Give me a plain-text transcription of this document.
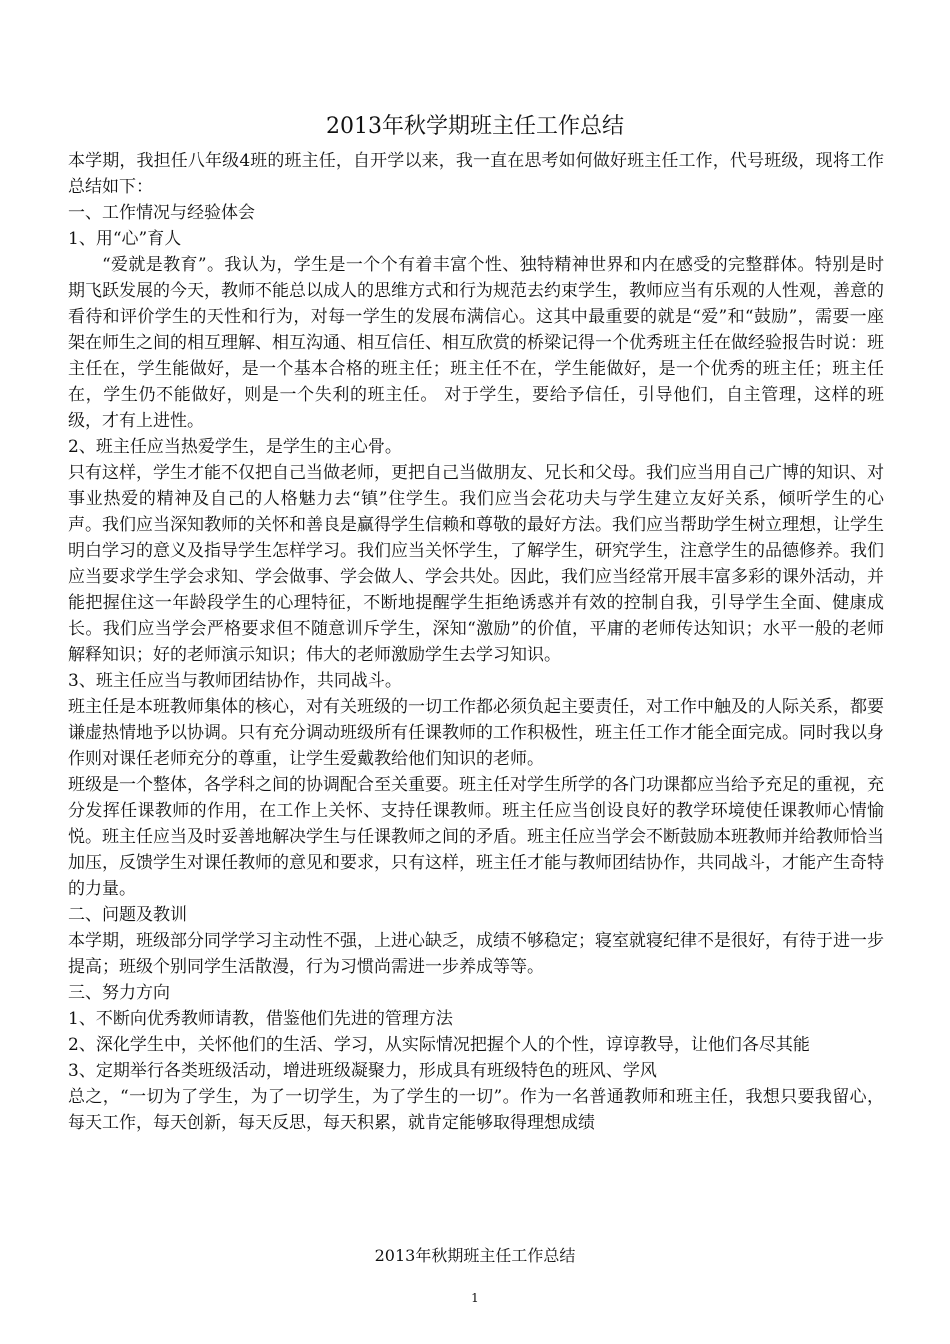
2013年秋学期班主任工作总结

本学期，我担任八年级4班的班主任，自开学以来，我一直在思考如何做好班主任工作，代号班级，现将工作总结如下：

一、工作情况与经验体会

1、用“心”育人

“爱就是教育”。我认为，学生是一个个有着丰富个性、独特精神世界和内在感受的完整群体。特别是时期飞跃发展的今天，教师不能总以成人的思维方式和行为规范去约束学生，教师应当有乐观的人性观，善意的看待和评价学生的天性和行为，对每一学生的发展布满信心。这其中最重要的就是“爱”和“鼓励”，需要一座架在师生之间的相互理解、相互沟通、相互信任、相互欣赏的桥梁记得一个优秀班主任在做经验报告时说：班主任在，学生能做好，是一个基本合格的班主任；班主任不在，学生能做好，是一个优秀的班主任；班主任在，学生仍不能做好，则是一个失利的班主任。 对于学生，要给予信任，引导他们，自主管理，这样的班级，才有上进性。

2、班主任应当热爱学生，是学生的主心骨。

只有这样，学生才能不仅把自己当做老师，更把自己当做朋友、兄长和父母。我们应当用自己广博的知识、对事业热爱的精神及自己的人格魅力去“镇”住学生。我们应当会花功夫与学生建立友好关系，倾听学生的心声。我们应当深知教师的关怀和善良是赢得学生信赖和尊敬的最好方法。我们应当帮助学生树立理想，让学生明白学习的意义及指导学生怎样学习。我们应当关怀学生，了解学生，研究学生，注意学生的品德修养。我们应当要求学生学会求知、学会做事、学会做人、学会共处。因此，我们应当经常开展丰富多彩的课外活动，并能把握住这一年龄段学生的心理特征，不断地提醒学生拒绝诱惑并有效的控制自我，引导学生全面、健康成长。我们应当学会严格要求但不随意训斥学生，深知“激励”的价值，平庸的老师传达知识；水平一般的老师解释知识；好的老师演示知识；伟大的老师激励学生去学习知识。

3、班主任应当与教师团结协作，共同战斗。

班主任是本班教师集体的核心，对有关班级的一切工作都必须负起主要责任，对工作中触及的人际关系，都要谦虚热情地予以协调。只有充分调动班级所有任课教师的工作积极性，班主任工作才能全面完成。同时我以身作则对课任老师充分的尊重，让学生爱戴教给他们知识的老师。

班级是一个整体，各学科之间的协调配合至关重要。班主任对学生所学的各门功课都应当给予充足的重视，充分发挥任课教师的作用，在工作上关怀、支持任课教师。班主任应当创设良好的教学环境使任课教师心情愉悦。班主任应当及时妥善地解决学生与任课教师之间的矛盾。班主任应当学会不断鼓励本班教师并给教师恰当加压，反馈学生对课任教师的意见和要求，只有这样，班主任才能与教师团结协作，共同战斗，才能产生奇特的力量。

二、问题及教训

本学期，班级部分同学学习主动性不强，上进心缺乏，成绩不够稳定；寝室就寝纪律不是很好，有待于进一步提高；班级个别同学生活散漫，行为习惯尚需进一步养成等等。

三、努力方向

1、不断向优秀教师请教，借鉴他们先进的管理方法

2、深化学生中，关怀他们的生活、学习，从实际情况把握个人的个性，谆谆教导，让他们各尽其能

3、定期举行各类班级活动，增进班级凝聚力，形成具有班级特色的班风、学风

总之，“一切为了学生，为了一切学生，为了学生的一切”。作为一名普通教师和班主任，我想只要我留心，每天工作，每天创新，每天反思，每天积累，就肯定能够取得理想成绩

2013年秋期班主任工作总结
1
